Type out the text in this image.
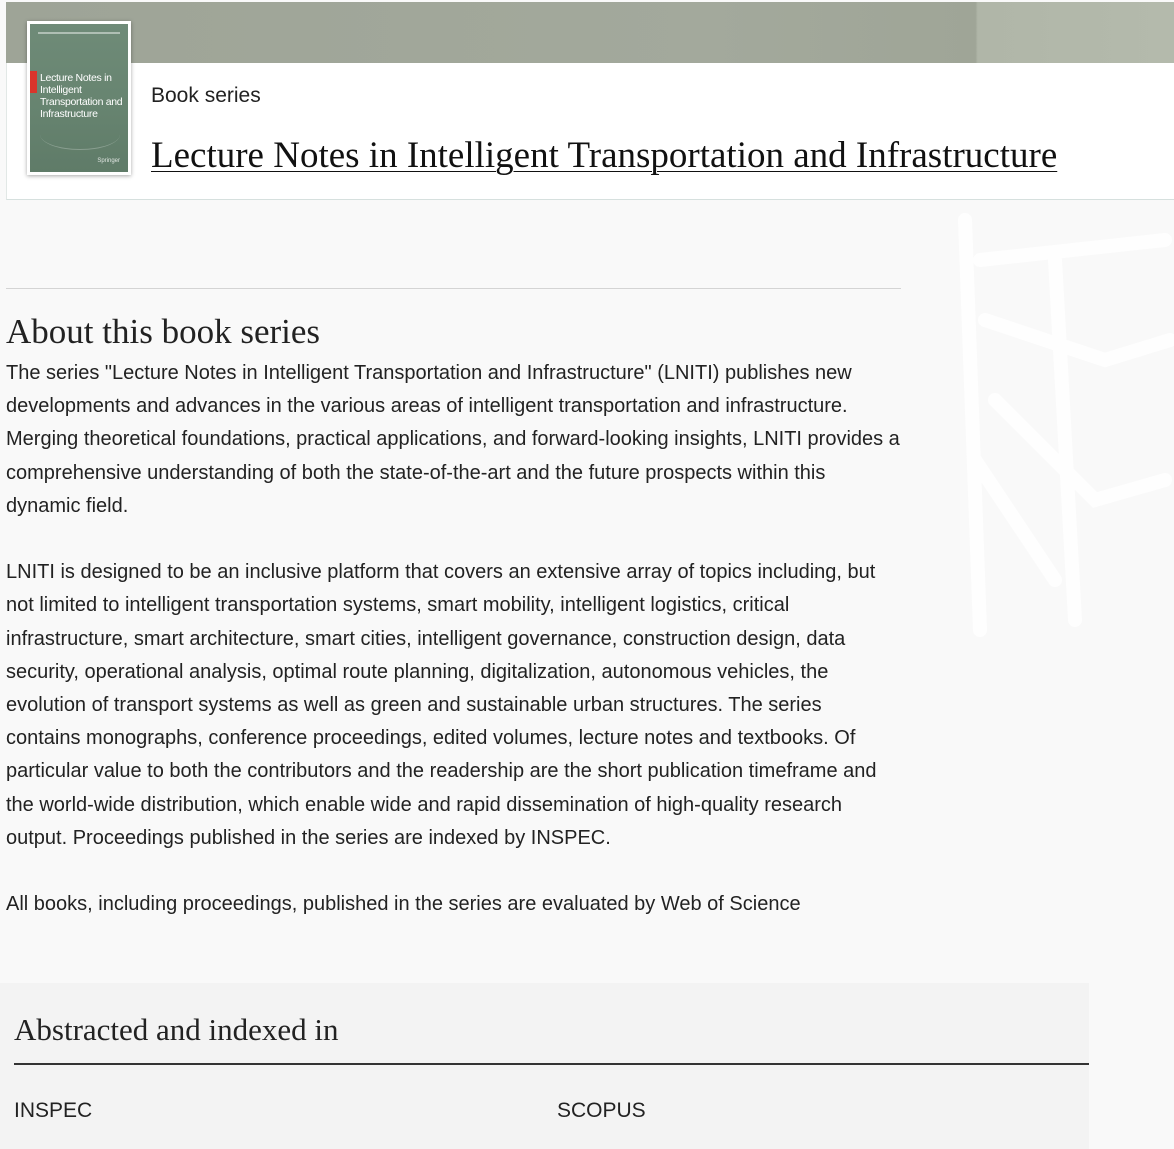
Lecture Notes in Intelligent Transportation and Infrastructure
Springer
Book series
Lecture Notes in Intelligent Transportation and Infrastructure
About this book series

The series "Lecture Notes in Intelligent Transportation and Infrastructure" (LNITI) publishes new developments and advances in the various areas of intelligent transportation and infrastructure. Merging theoretical foundations, practical applications, and forward-looking insights, LNITI provides a comprehensive understanding of both the state-of-the-art and the future prospects within this dynamic field.

LNITI is designed to be an inclusive platform that covers an extensive array of topics including, but not limited to intelligent transportation systems, smart mobility, intelligent logistics, critical infrastructure, smart architecture, smart cities, intelligent governance, construction design, data security, operational analysis, optimal route planning, digitalization, autonomous vehicles, the evolution of transport systems as well as green and sustainable urban structures. The series contains monographs, conference proceedings, edited volumes, lecture notes and textbooks. Of particular value to both the contributors and the readership are the short publication timeframe and the world-wide distribution, which enable wide and rapid dissemination of high-quality research output. Proceedings published in the series are indexed by INSPEC.

All books, including proceedings, published in the series are evaluated by Web of Science

Abstracted and indexed in
INSPEC	SCOPUS
